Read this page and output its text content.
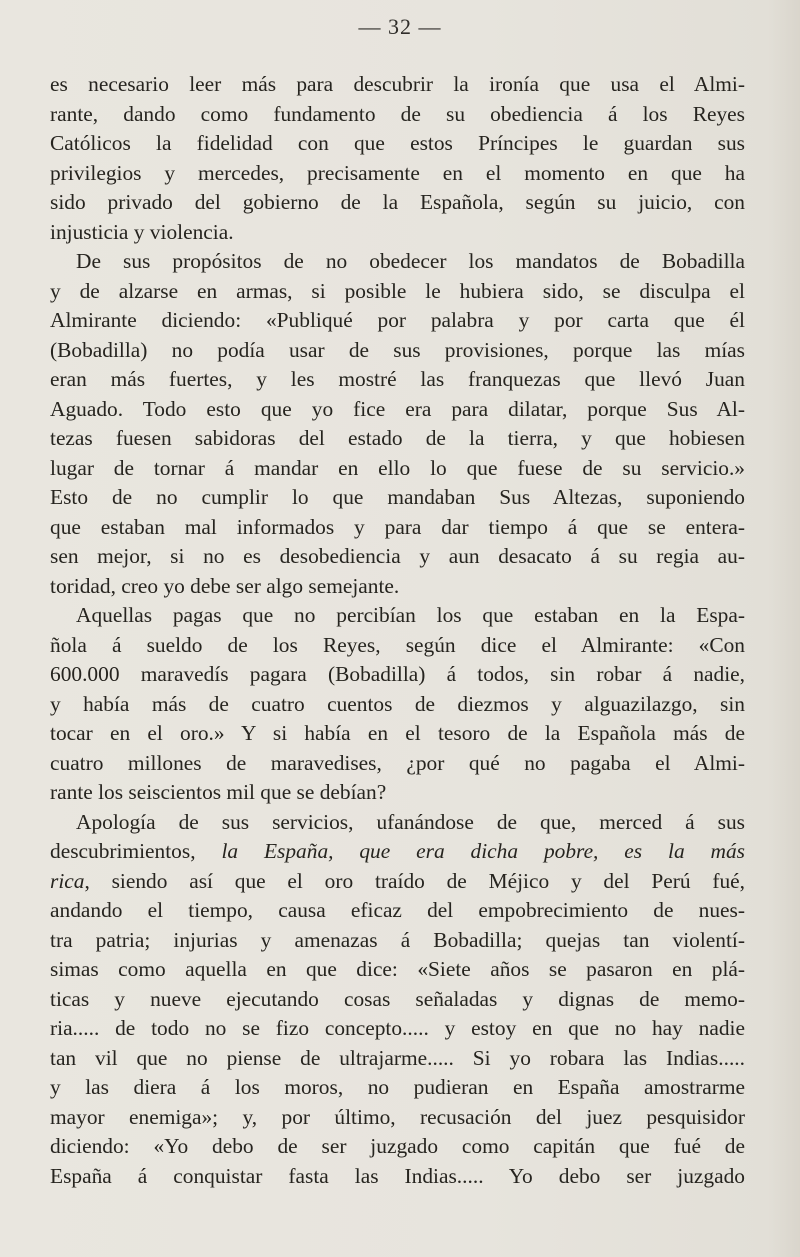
— 32 —
es necesario leer más para descubrir la ironía que usa el Almi-
rante, dando como fundamento de su obediencia á los Reyes
Católicos la fidelidad con que estos Príncipes le guardan sus
privilegios y mercedes, precisamente en el momento en que ha
sido privado del gobierno de la Española, según su juicio, con
injusticia y violencia.
De sus propósitos de no obedecer los mandatos de Bobadilla
y de alzarse en armas, si posible le hubiera sido, se disculpa el
Almirante diciendo: «Publiqué por palabra y por carta que él
(Bobadilla) no podía usar de sus provisiones, porque las mías
eran más fuertes, y les mostré las franquezas que llevó Juan
Aguado. Todo esto que yo fice era para dilatar, porque Sus Al-
tezas fuesen sabidoras del estado de la tierra, y que hobiesen
lugar de tornar á mandar en ello lo que fuese de su servicio.»
Esto de no cumplir lo que mandaban Sus Altezas, suponiendo
que estaban mal informados y para dar tiempo á que se entera-
sen mejor, si no es desobediencia y aun desacato á su regia au-
toridad, creo yo debe ser algo semejante.
Aquellas pagas que no percibían los que estaban en la Espa-
ñola á sueldo de los Reyes, según dice el Almirante: «Con
600.000 maravedís pagara (Bobadilla) á todos, sin robar á nadie,
y había más de cuatro cuentos de diezmos y alguazilazgo, sin
tocar en el oro.» Y si había en el tesoro de la Española más de
cuatro millones de maravedises, ¿por qué no pagaba el Almi-
rante los seiscientos mil que se debían?
Apología de sus servicios, ufanándose de que, merced á sus
descubrimientos, la España, que era dicha pobre, es la más
rica, siendo así que el oro traído de Méjico y del Perú fué,
andando el tiempo, causa eficaz del empobrecimiento de nues-
tra patria; injurias y amenazas á Bobadilla; quejas tan violentí-
simas como aquella en que dice: «Siete años se pasaron en plá-
ticas y nueve ejecutando cosas señaladas y dignas de memo-
ria..... de todo no se fizo concepto..... y estoy en que no hay nadie
tan vil que no piense de ultrajarme..... Si yo robara las Indias.....
y las diera á los moros, no pudieran en España amostrarme
mayor enemiga»; y, por último, recusación del juez pesquisidor
diciendo: «Yo debo de ser juzgado como capitán que fué de
España á conquistar fasta las Indias..... Yo debo ser juzgado
